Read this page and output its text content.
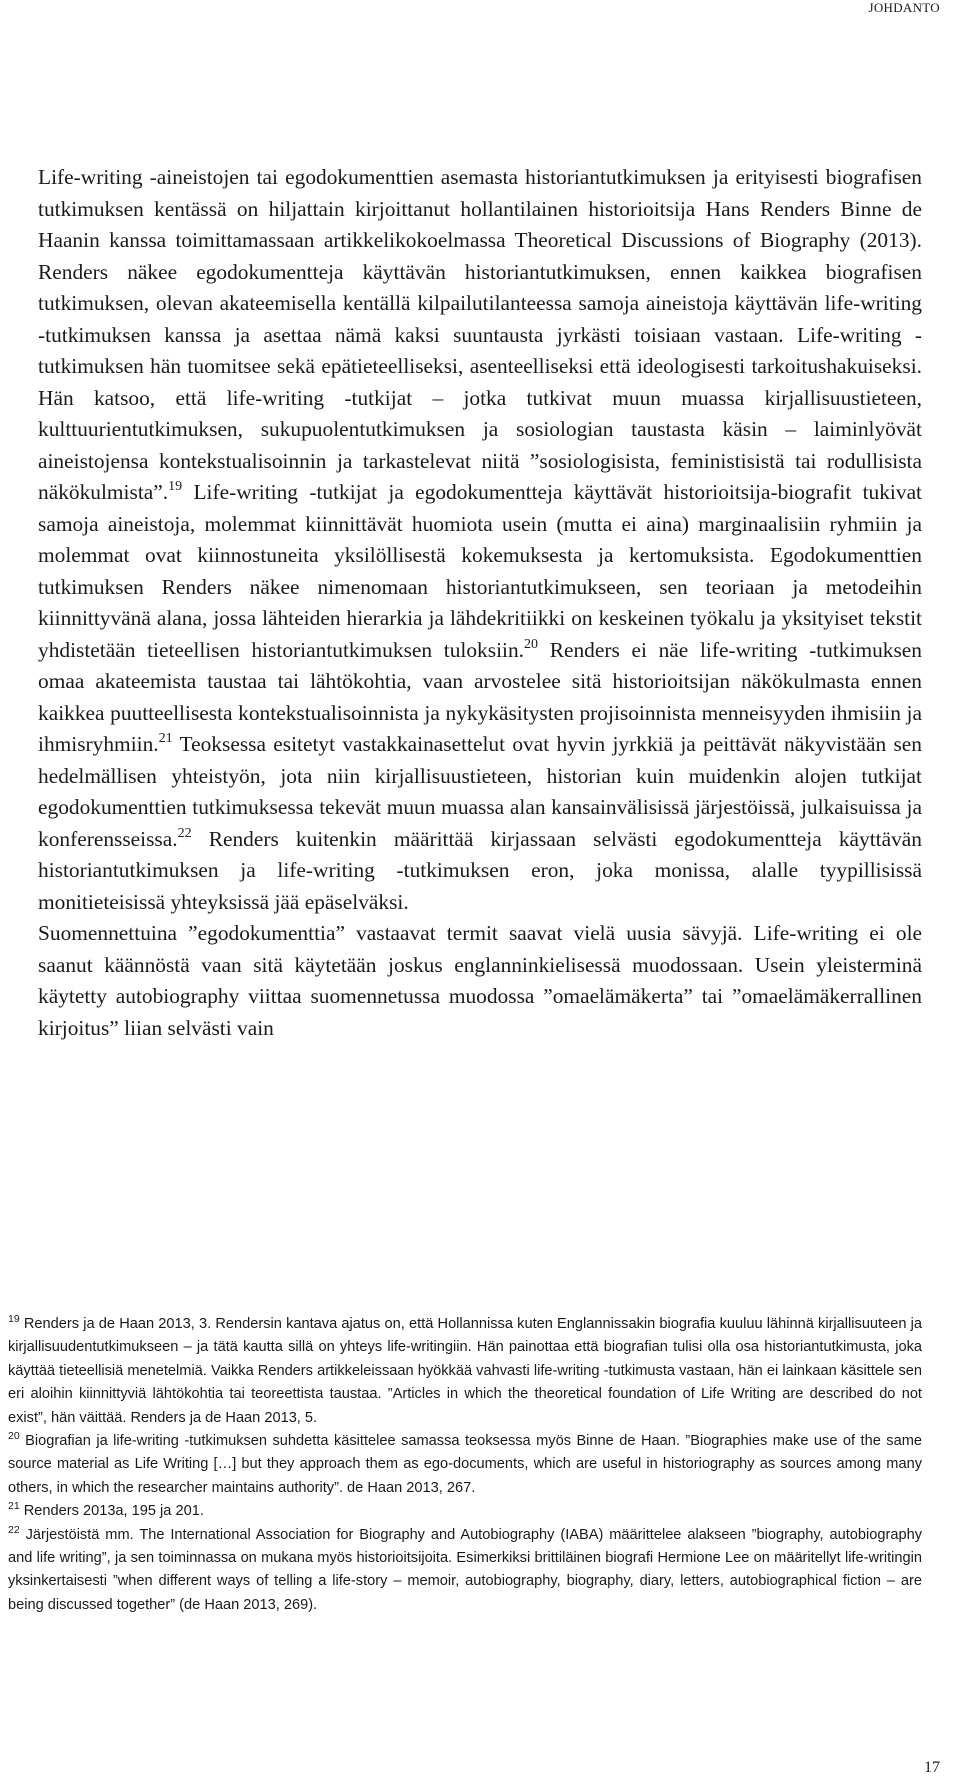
JOHDANTO

Life-writing -aineistojen tai egodokumenttien asemasta historiantutkimuksen ja erityisesti biografisen tutkimuksen kentässä on hiljattain kirjoittanut hollantilainen historioitsija Hans Renders Binne de Haanin kanssa toimittamassaan artikkelikokoelmassa Theoretical Discussions of Biography (2013). Renders näkee egodokumentteja käyttävän historiantutkimuksen, ennen kaikkea biografisen tutkimuksen, olevan akateemisella kentällä kilpailutilanteessa samoja aineistoja käyttävän life-writing -tutkimuksen kanssa ja asettaa nämä kaksi suuntausta jyrkästi toisiaan vastaan. Life-writing -tutkimuksen hän tuomitsee sekä epätieteelliseksi, asenteelliseksi että ideologisesti tarkoitushakuiseksi. Hän katsoo, että life-writing -tutkijat – jotka tutkivat muun muassa kirjallisuustieteen, kulttuurientutkimuksen, sukupuolentutkimuksen ja sosiologian taustasta käsin – laiminlyövät aineistojensa kontekstualisoinnin ja tarkastelevat niitä ”sosiologisista, feministisistä tai rodullisista näkökulmista”.$^{19}$ Life-writing -tutkijat ja egodokumentteja käyttävät historioitsija-biografit tukivat samoja aineistoja, molemmat kiinnittävät huomiota usein (mutta ei aina) marginaalisiin ryhmiin ja molemmat ovat kiinnostuneita yksilöllisestä kokemuksesta ja kertomuksista. Egodokumenttien tutkimuksen Renders näkee nimenomaan historiantutkimukseen, sen teoriaan ja metodeihin kiinnittyvänä alana, jossa lähteiden hierarkia ja lähdekritiikki on keskeinen työkalu ja yksityiset tekstit yhdistetään tieteellisen historiantutkimuksen tuloksiin.$^{20}$ Renders ei näe life-writing -tutkimuksen omaa akateemista taustaa tai lähtökohtia, vaan arvostelee sitä historioitsijan näkökulmasta ennen kaikkea puutteellisesta kontekstualisoinnista ja nykykäsitysten projisoinnista menneisyyden ihmisiin ja ihmisryhmiin.$^{21}$ Teoksessa esitetyt vastakkainasettelut ovat hyvin jyrkkiä ja peittävät näkyvistään sen hedelmällisen yhteistyön, jota niin kirjallisuustieteen, historian kuin muidenkin alojen tutkijat egodokumenttien tutkimuksessa tekevät muun muassa alan kansainvälisissä järjestöissä, julkaisuissa ja konferensseissa.$^{22}$ Renders kuitenkin määrittää kirjassaan selvästi egodokumentteja käyttävän historiantutkimuksen ja life-writing -tutkimuksen eron, joka monissa, alalle tyypillisissä monitieteisissä yhteyksissä jää epäselväksi.

Suomennettuina ”egodokumenttia” vastaavat termit saavat vielä uusia sävyjä. Life-writing ei ole saanut käännöstä vaan sitä käytetään joskus englanninkielisessä muodossaan. Usein yleisterminä käytetty autobiography viittaa suomennetussa muodossa ”omaelämäkerta” tai ”omaelämäkerrallinen kirjoitus” liian selvästi vain

$^{19}$ Renders ja de Haan 2013, 3. Rendersin kantava ajatus on, että Hollannissa kuten Englannissakin biografia kuuluu lähinnä kirjallisuuteen ja kirjallisuudentutkimukseen – ja tätä kautta sillä on yhteys life-writingiin. Hän painottaa että biografian tulisi olla osa historiantutkimusta, joka käyttää tieteellisiä menetelmiä. Vaikka Renders artikkeleissaan hyökkää vahvasti life-writing -tutkimusta vastaan, hän ei lainkaan käsittele sen eri aloihin kiinnittyviä lähtökohtia tai teoreettista taustaa. ”Articles in which the theoretical foundation of Life Writing are described do not exist”, hän väittää. Renders ja de Haan 2013, 5.

$^{20}$ Biografian ja life-writing -tutkimuksen suhdetta käsittelee samassa teoksessa myös Binne de Haan. ”Biographies make use of the same source material as Life Writing […] but they approach them as ego-documents, which are useful in historiography as sources among many others, in which the researcher maintains authority”. de Haan 2013, 267.

$^{21}$ Renders 2013a, 195 ja 201.

$^{22}$ Järjestöistä mm. The International Association for Biography and Autobiography (IABA) määrittelee alakseen ”biography, autobiography and life writing”, ja sen toiminnassa on mukana myös historioitsijoita. Esimerkiksi brittiläinen biografi Hermione Lee on määritellyt life-writingin yksinkertaisesti ”when different ways of telling a life-story – memoir, autobiography, biography, diary, letters, autobiographical fiction – are being discussed together” (de Haan 2013, 269).

17
